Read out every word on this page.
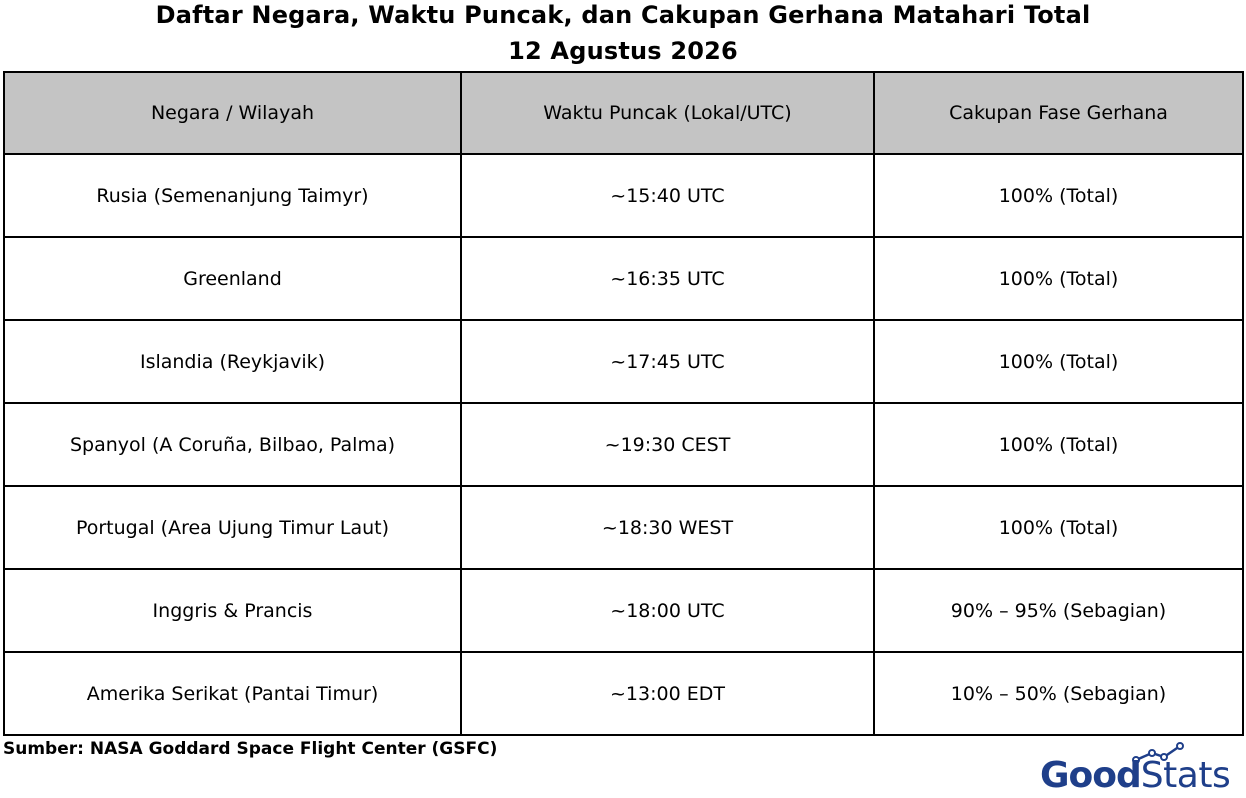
Daftar Negara, Waktu Puncak, dan Cakupan Gerhana Matahari Total
12 Agustus 2026
Negara / Wilayah	Waktu Puncak (Lokal/UTC)	Cakupan Fase Gerhana
Rusia (Semenanjung Taimyr)	~15:40 UTC	100% (Total)
Greenland	~16:35 UTC	100% (Total)
Islandia (Reykjavik)	~17:45 UTC	100% (Total)
Spanyol (A Coruña, Bilbao, Palma)	~19:30 CEST	100% (Total)
Portugal (Area Ujung Timur Laut)	~18:30 WEST	100% (Total)
Inggris & Prancis	~18:00 UTC	90% – 95% (Sebagian)
Amerika Serikat (Pantai Timur)	~13:00 EDT	10% – 50% (Sebagian)
Sumber: NASA Goddard Space Flight Center (GSFC)
GoodStats
